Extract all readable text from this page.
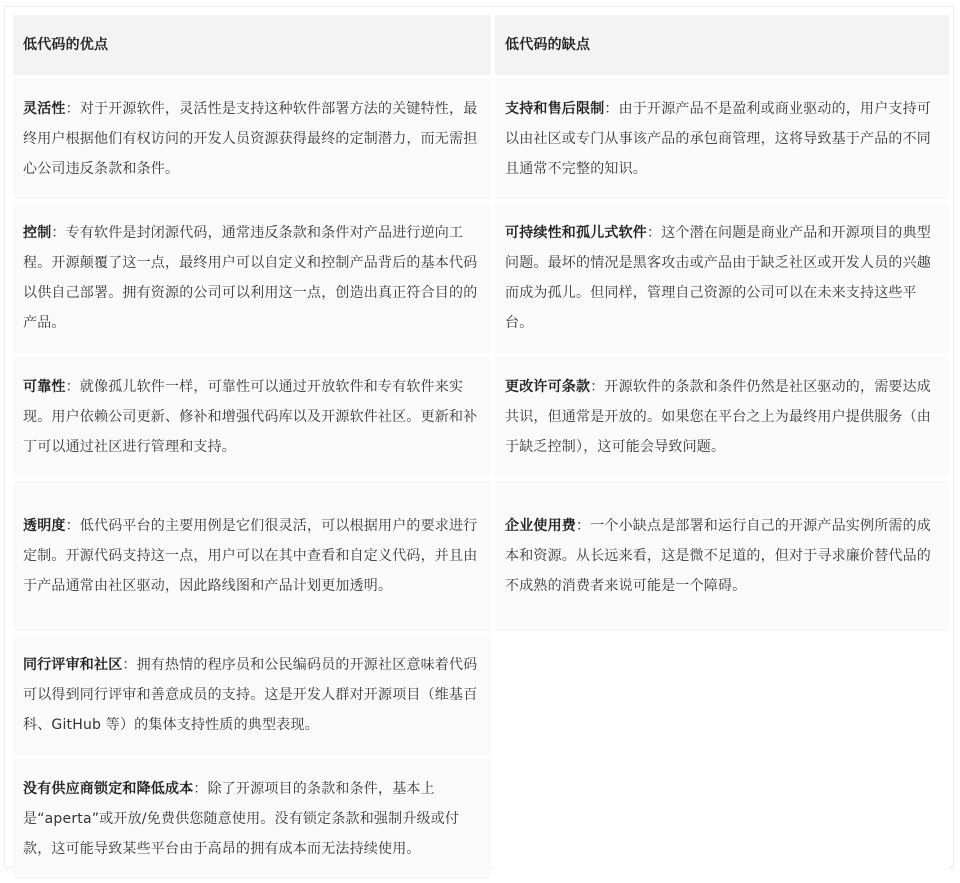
低代码的优点	低代码的缺点
灵活性：对于开源软件，灵活性是支持这种软件部署方法的关键特性，最终用户根据他们有权访问的开发人员资源获得最终的定制潜力，而无需担心公司违反条款和条件。	支持和售后限制：由于开源产品不是盈利或商业驱动的，用户支持可以由社区或专门从事该产品的承包商管理，这将导致基于产品的不同且通常不完整的知识。
控制：专有软件是封闭源代码，通常违反条款和条件对产品进行逆向工程。开源颠覆了这一点，最终用户可以自定义和控制产品背后的基本代码以供自己部署。拥有资源的公司可以利用这一点，创造出真正符合目的的产品。	可持续性和孤儿式软件：这个潜在问题是商业产品和开源项目的典型问题。最坏的情况是黑客攻击或产品由于缺乏社区或开发人员的兴趣而成为孤儿。但同样，管理自己资源的公司可以在未来支持这些平台。
可靠性：就像孤儿软件一样，可靠性可以通过开放软件和专有软件来实现。用户依赖公司更新、修补和增强代码库以及开源软件社区。更新和补丁可以通过社区进行管理和支持。	更改许可条款：开源软件的条款和条件仍然是社区驱动的，需要达成共识，但通常是开放的。如果您在平台之上为最终用户提供服务（由于缺乏控制），这可能会导致问题。
透明度：低代码平台的主要用例是它们很灵活，可以根据用户的要求进行定制。开源代码支持这一点，用户可以在其中查看和自定义代码，并且由于产品通常由社区驱动，因此路线图和产品计划更加透明。	企业使用费：一个小缺点是部署和运行自己的开源产品实例所需的成本和资源。从长远来看，这是微不足道的，但对于寻求廉价替代品的不成熟的消费者来说可能是一个障碍。
同行评审和社区：拥有热情的程序员和公民编码员的开源社区意味着代码可以得到同行评审和善意成员的支持。这是开发人群对开源项目（维基百科、GitHub 等）的集体支持性质的典型表现。	
没有供应商锁定和降低成本：除了开源项目的条款和条件，基本上是“aperta”或开放/免费供您随意使用。没有锁定条款和强制升级或付款，这可能导致某些平台由于高昂的拥有成本而无法持续使用。	
